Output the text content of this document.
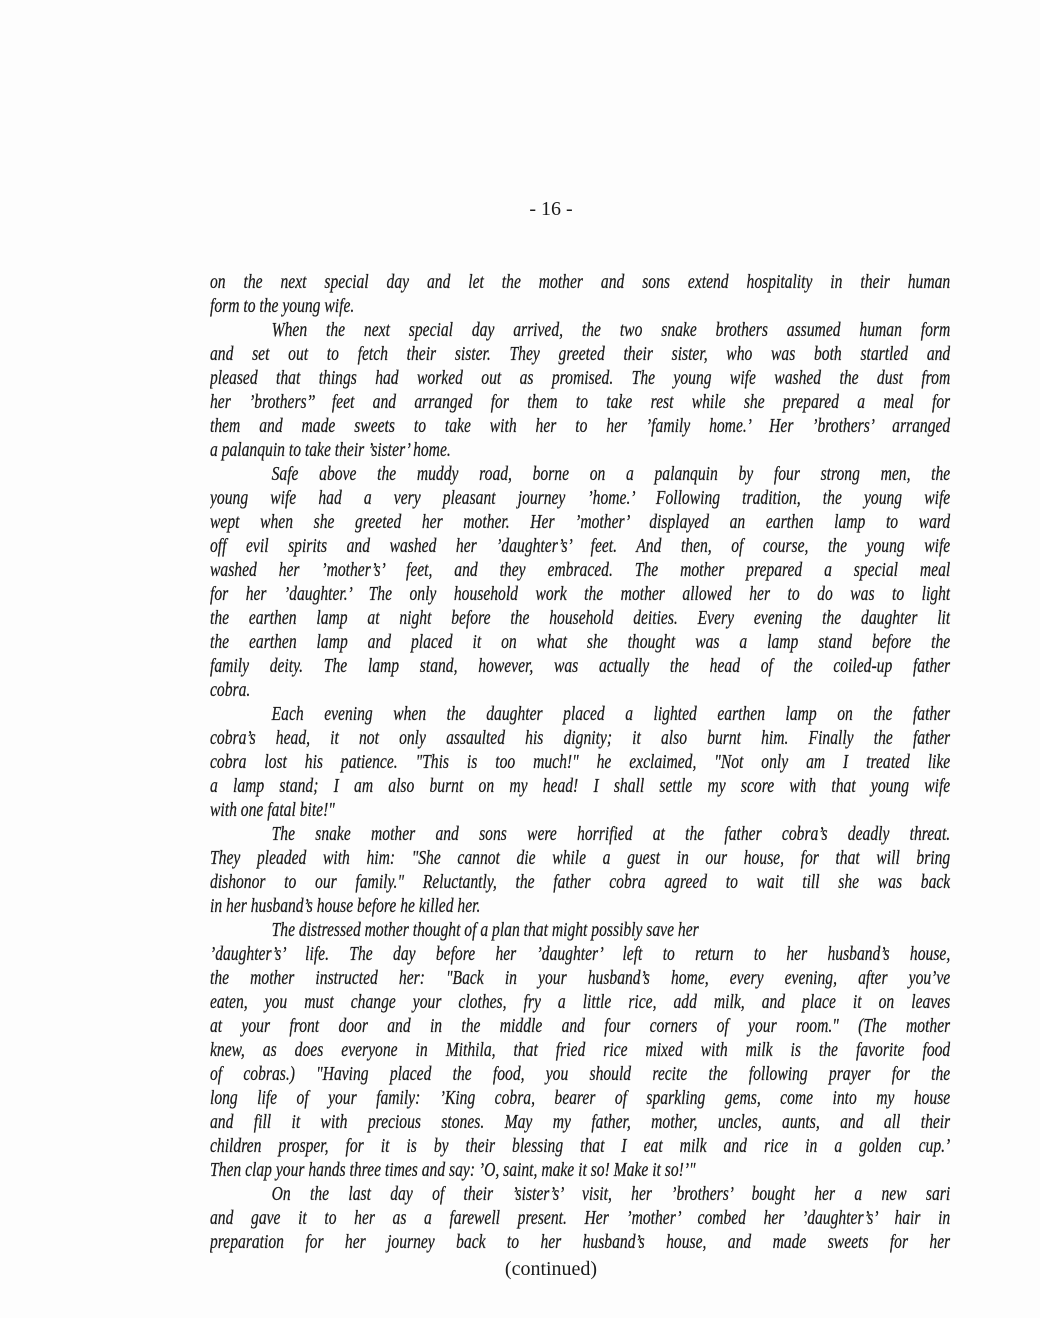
- 16 -
on the next special day and let the mother and sons extend hospitality in their human
form to the young wife.
When the next special day arrived, the two snake brothers assumed human form
and set out to fetch their sister. They greeted their sister, who was both startled and
pleased that things had worked out as promised. The young wife washed the dust from
her ’brothers’’ feet and arranged for them to take rest while she prepared a meal for
them and made sweets to take with her to her ’family home.’ Her ’brothers’ arranged
a palanquin to take their ’sister’ home.
Safe above the muddy road, borne on a palanquin by four strong men, the
young wife had a very pleasant journey ’home.’ Following tradition, the young wife
wept when she greeted her mother. Her ’mother’ displayed an earthen lamp to ward
off evil spirits and washed her ’daughter’s’ feet. And then, of course, the young wife
washed her ’mother’s’ feet, and they embraced. The mother prepared a special meal
for her ’daughter.’ The only household work the mother allowed her to do was to light
the earthen lamp at night before the household deities. Every evening the daughter lit
the earthen lamp and placed it on what she thought was a lamp stand before the
family deity. The lamp stand, however, was actually the head of the coiled-up father
cobra.
Each evening when the daughter placed a lighted earthen lamp on the father
cobra’s head, it not only assaulted his dignity; it also burnt him. Finally the father
cobra lost his patience. "This is too much!" he exclaimed, "Not only am I treated like
a lamp stand; I am also burnt on my head! I shall settle my score with that young wife
with one fatal bite!"
The snake mother and sons were horrified at the father cobra’s deadly threat.
They pleaded with him: "She cannot die while a guest in our house, for that will bring
dishonor to our family." Reluctantly, the father cobra agreed to wait till she was back
in her husband’s house before he killed her.
The distressed mother thought of a plan that might possibly save her
’daughter’s’ life. The day before her ’daughter’ left to return to her husband’s house,
the mother instructed her: "Back in your husband’s home, every evening, after you’ve
eaten, you must change your clothes, fry a little rice, add milk, and place it on leaves
at your front door and in the middle and four corners of your room." (The mother
knew, as does everyone in Mithila, that fried rice mixed with milk is the favorite food
of cobras.) "Having placed the food, you should recite the following prayer for the
long life of your family: ’King cobra, bearer of sparkling gems, come into my house
and fill it with precious stones. May my father, mother, uncles, aunts, and all their
children prosper, for it is by their blessing that I eat milk and rice in a golden cup.’
Then clap your hands three times and say: ’O, saint, make it so! Make it so!’"
On the last day of their ’sister’s’ visit, her ’brothers’ bought her a new sari
and gave it to her as a farewell present. Her ’mother’ combed her ’daughter’s’ hair in
preparation for her journey back to her husband’s house, and made sweets for her
(continued)
